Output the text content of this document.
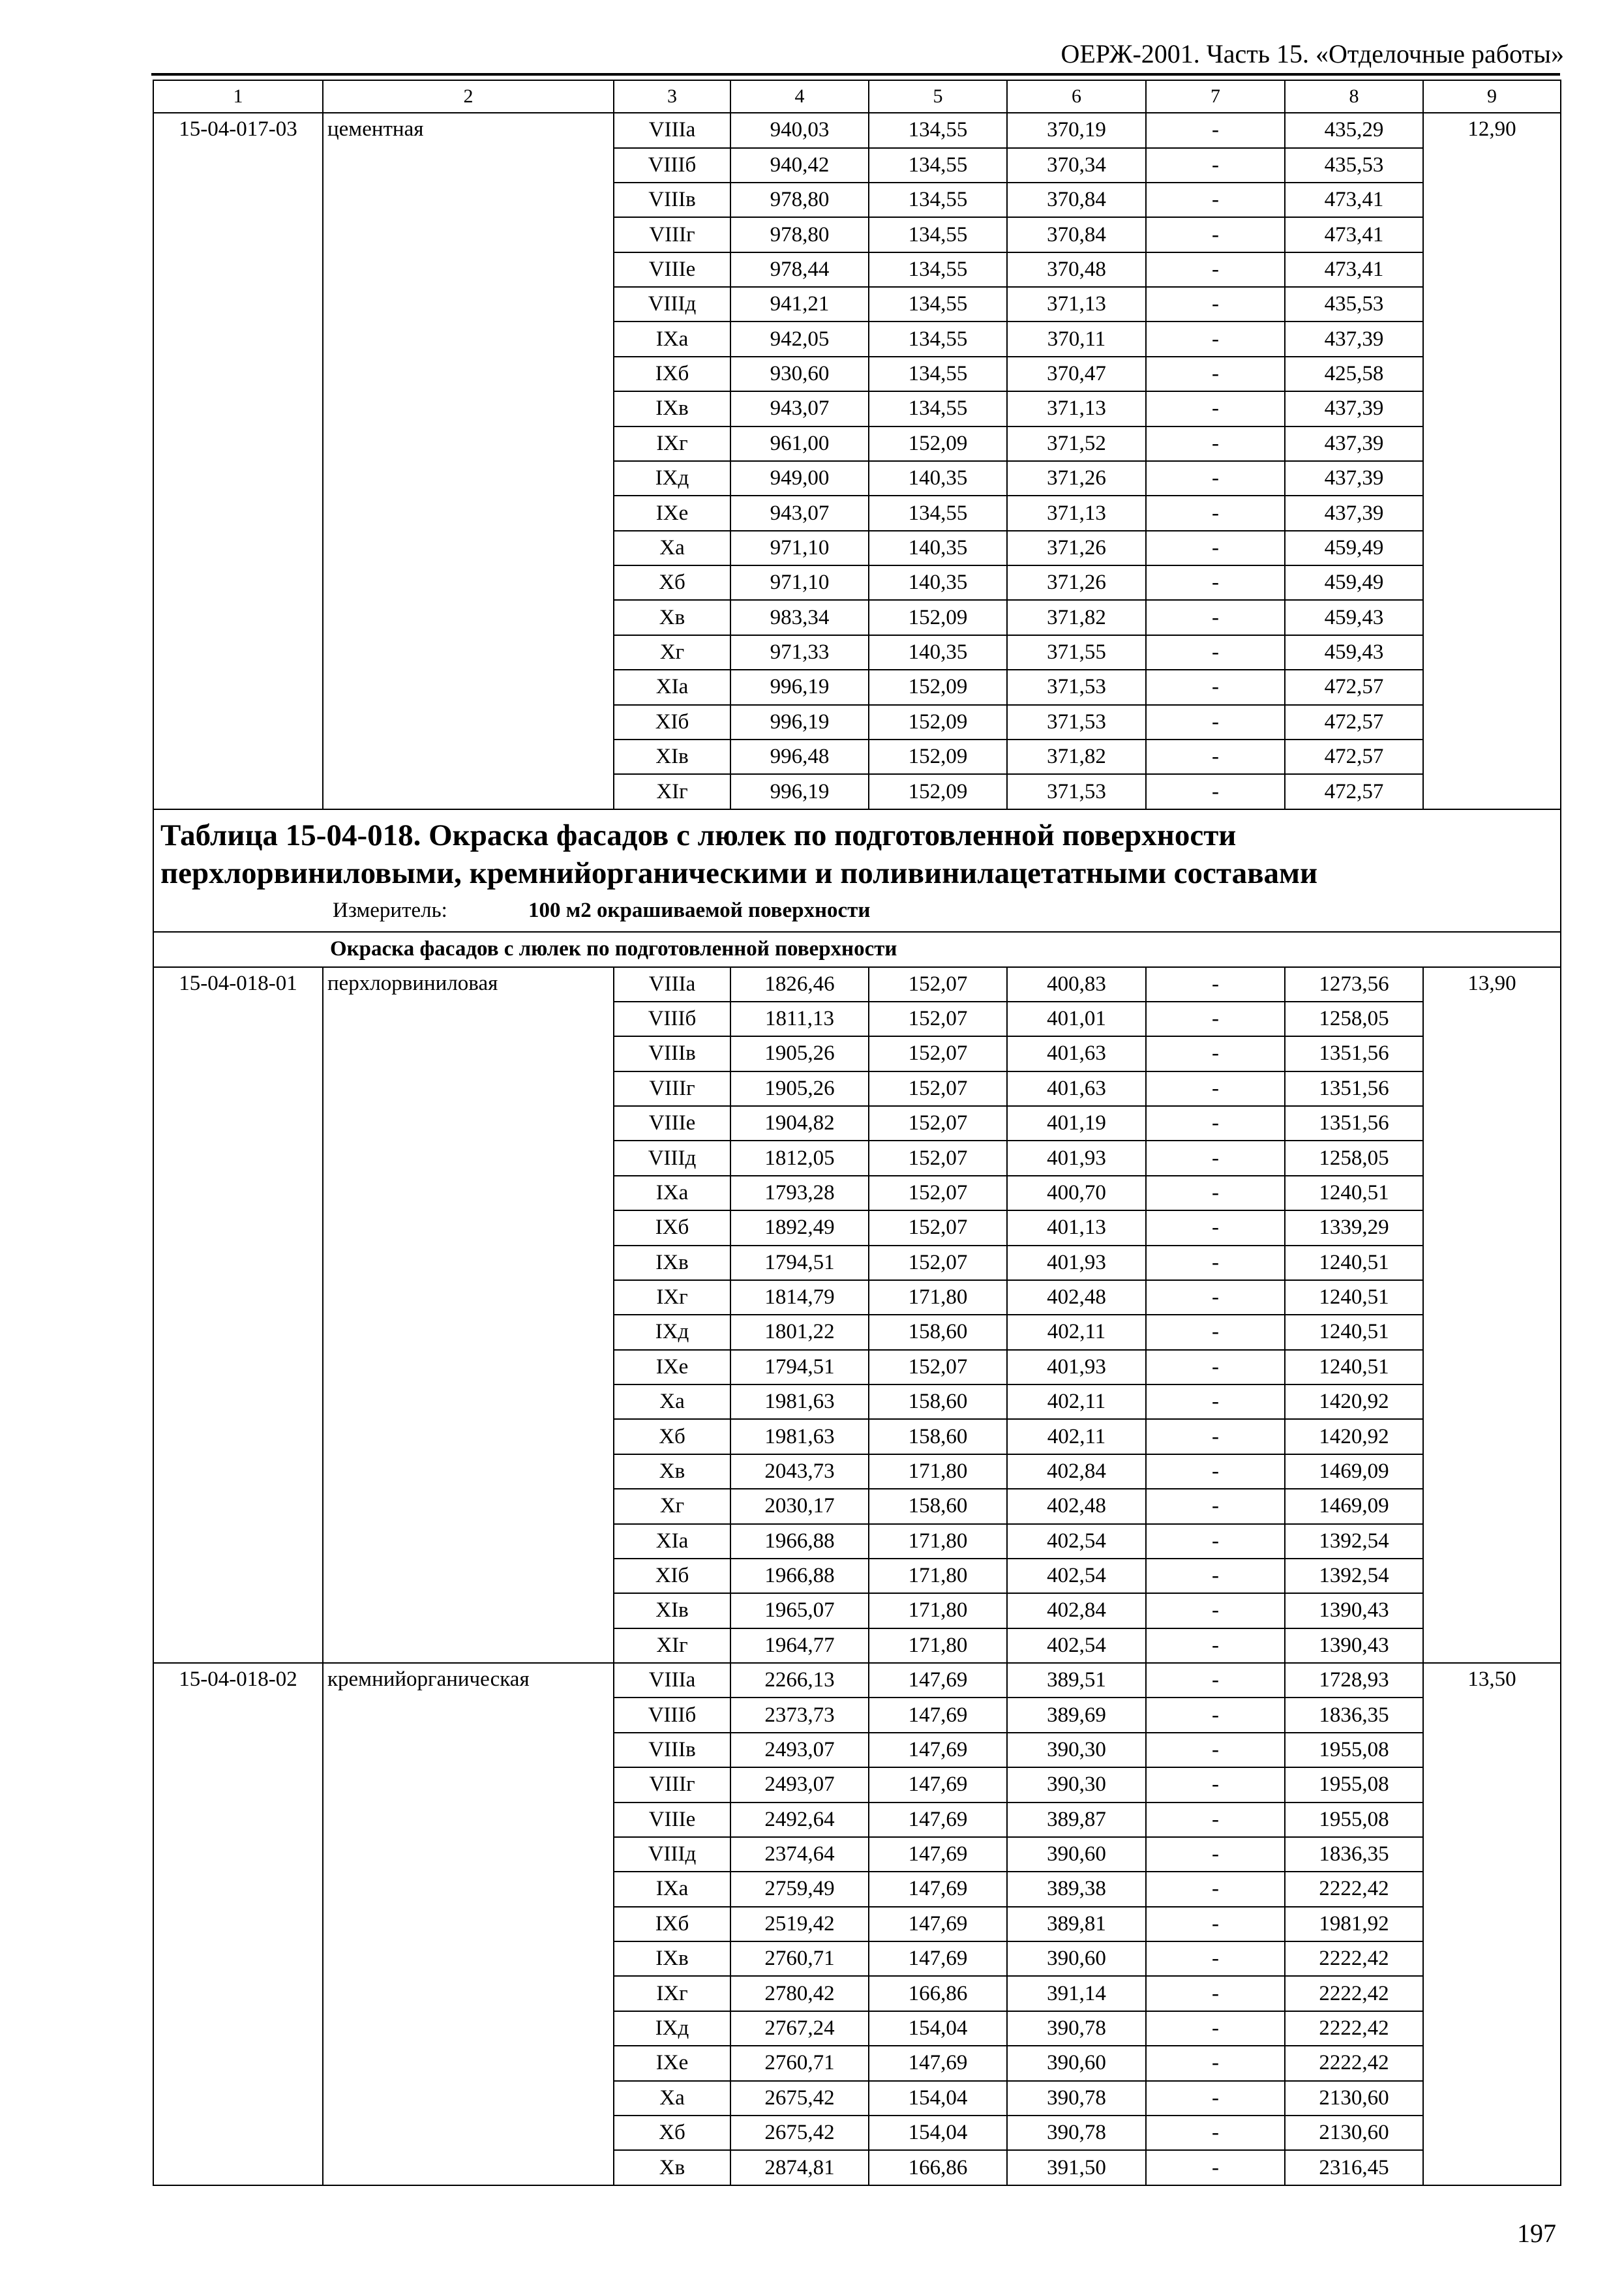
ОЕРЖ-2001. Часть 15. «Отделочные работы»
1	2	3	4	5	6	7	8	9
15-04-017-03	цементная	VIIIа	940,03	134,55	370,19	-	435,29	12,90
		VIIIб	940,42	134,55	370,34	-	435,53	
		VIIIв	978,80	134,55	370,84	-	473,41	
		VIIIг	978,80	134,55	370,84	-	473,41	
		VIIIе	978,44	134,55	370,48	-	473,41	
		VIIIд	941,21	134,55	371,13	-	435,53	
		IXа	942,05	134,55	370,11	-	437,39	
		IXб	930,60	134,55	370,47	-	425,58	
		IXв	943,07	134,55	371,13	-	437,39	
		IXг	961,00	152,09	371,52	-	437,39	
		IXд	949,00	140,35	371,26	-	437,39	
		IXе	943,07	134,55	371,13	-	437,39	
		Xа	971,10	140,35	371,26	-	459,49	
		Xб	971,10	140,35	371,26	-	459,49	
		Xв	983,34	152,09	371,82	-	459,43	
		Xг	971,33	140,35	371,55	-	459,43	
		XIа	996,19	152,09	371,53	-	472,57	
		XIб	996,19	152,09	371,53	-	472,57	
		XIв	996,48	152,09	371,82	-	472,57	
		XIг	996,19	152,09	371,53	-	472,57	

Таблица 15-04-018. Окраска фасадов с люлек по подготовленной поверхности
перхлорвиниловыми, кремнийорганическими и поливинилацетатными составами
Измеритель: 100 м2 окрашиваемой поверхности								

Окраска фасадов с люлек по подготовленной поверхности								
15-04-018-01	перхлорвиниловая	VIIIа	1826,46	152,07	400,83	-	1273,56	13,90
		VIIIб	1811,13	152,07	401,01	-	1258,05	
		VIIIв	1905,26	152,07	401,63	-	1351,56	
		VIIIг	1905,26	152,07	401,63	-	1351,56	
		VIIIе	1904,82	152,07	401,19	-	1351,56	
		VIIIд	1812,05	152,07	401,93	-	1258,05	
		IXа	1793,28	152,07	400,70	-	1240,51	
		IXб	1892,49	152,07	401,13	-	1339,29	
		IXв	1794,51	152,07	401,93	-	1240,51	
		IXг	1814,79	171,80	402,48	-	1240,51	
		IXд	1801,22	158,60	402,11	-	1240,51	
		IXе	1794,51	152,07	401,93	-	1240,51	
		Xа	1981,63	158,60	402,11	-	1420,92	
		Xб	1981,63	158,60	402,11	-	1420,92	
		Xв	2043,73	171,80	402,84	-	1469,09	
		Xг	2030,17	158,60	402,48	-	1469,09	
		XIа	1966,88	171,80	402,54	-	1392,54	
		XIб	1966,88	171,80	402,54	-	1392,54	
		XIв	1965,07	171,80	402,84	-	1390,43	
		XIг	1964,77	171,80	402,54	-	1390,43	
15-04-018-02	кремнийорганическая	VIIIа	2266,13	147,69	389,51	-	1728,93	13,50
		VIIIб	2373,73	147,69	389,69	-	1836,35	
		VIIIв	2493,07	147,69	390,30	-	1955,08	
		VIIIг	2493,07	147,69	390,30	-	1955,08	
		VIIIе	2492,64	147,69	389,87	-	1955,08	
		VIIIд	2374,64	147,69	390,60	-	1836,35	
		IXа	2759,49	147,69	389,38	-	2222,42	
		IXб	2519,42	147,69	389,81	-	1981,92	
		IXв	2760,71	147,69	390,60	-	2222,42	
		IXг	2780,42	166,86	391,14	-	2222,42	
		IXд	2767,24	154,04	390,78	-	2222,42	
		IXе	2760,71	147,69	390,60	-	2222,42	
		Xа	2675,42	154,04	390,78	-	2130,60	
		Xб	2675,42	154,04	390,78	-	2130,60	
		Xв	2874,81	166,86	391,50	-	2316,45	
197
